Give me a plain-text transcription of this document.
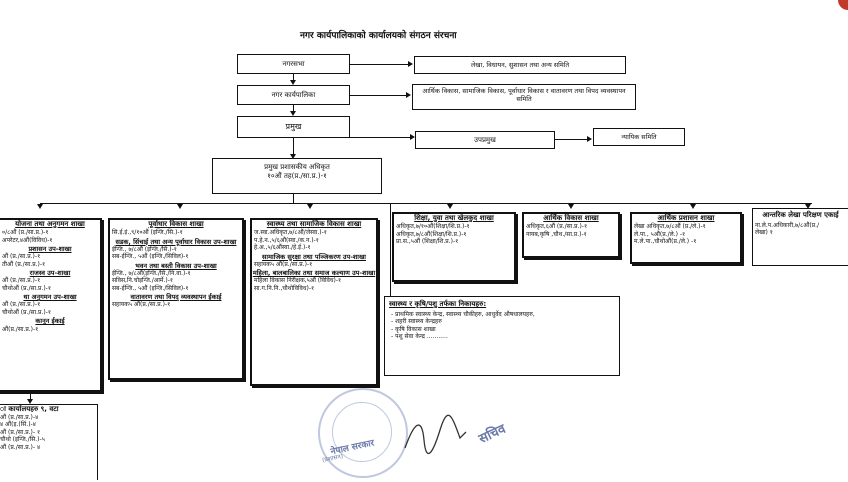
नगर कार्यपालिकाको कार्यालयको संगठन संरचना
नगरसभा	लेखा, विधायन, सुशासन तथा अन्य समिति
नगर कार्यपालिका	आर्थिक विकास, सामाजिक विकास, पूर्वाधार विकास र वातावरण तथा विपद व्यवस्थापन समिति
प्रमुख
उपप्रमुख	न्यायिक समिति
प्रमुख प्रशासकीय अधिकृत
१०औं तह(प्र./सा.प्र.)-१
योजना तथा अनुगमन शाखा
०/८औं (प्र./सा.प्र.)-१
अपरेटर,४औं(विविध)-१
प्रशासन उप-शाखा
औं (प्र./सा.प्र.)-१
तीऔं (प्र./सा.प्र.)-१
राजस्व उप-शाखा
औं (प्र./सा.प्र.)-१
चौथोऔं (प्र./सा.प्र.)-१
था अनुगमन उप-शाखा
औं (प्र./सा.प्र.)-१
चौथोऔं (प्र./सा.प्र.)-१
कानून ईकाई
औं(प्र./सा.प्र.)-१
ा कार्यालयहरु ९, वटा
औं (प्र./सा.प्र.)-४
४ औं(इ.(सिं.)-४
औं (प्र./सा.प्र.)- १
चौथो (इन्जि./सि.)-५
औं (प्र./सा.प्र.)- ४
पूर्वाधार विकास शाखा
सि.ई.इं.,९/१०औं (इन्जि./सि.)-१
सडक, सिंचाई तथा अन्य पूर्वाधार विकास उप-शाखा
ईन्जि., ७/८औं (इन्जि./सि.)-१
सब-ईन्जि., ५औं (इन्जि./सिविल)-१
भवन तथा बस्ती विकास उप-शाखा
ईन्जि., ७/८औं(इन्जि./सि./नि.वा.)-१
सविस,नि.चोइन्जि./आर्मे.)-१
सब-ईन्जि., ५औं (इन्जि./सिविल)-१
वातावरण तथा विपद् व्यवस्थापन ईकाई
सहायक५ औं(प्र./सा.प्र.)-१
स्वास्थ्य तथा सामाजिक विकास शाखा
ज.स्वा.अधिकृत,७/८औं/जेस्वा.)-१
प.हे.न.,५/६औं(स्वा./क.न.)-१
हे.अ.,५/६औंस्वा./हे.ई.)-१
सामाजिक सुरक्षा तथा पञ्जिकरण उप-शाखा
सहायक५ औं(प्र./सा.प्र.)-१
महिला, बालबालिका तथा समाज कल्याण उप-शाखा
महिला विकास निरीक्षक,५औं (विविध)-१
सा.ग.नि.नि.,चौथोविविध)-१
शिक्षा, युवा तथा खेलकुद शाखा
अधिकृत,७/१०औं(शिक्षा/शि.प्र.)-१
अधिकृत,७/८औं(शिक्षा/शि.प्र.)-१
प्रा.स.,५औं (शिक्षा/शि.प्र.)-१
आर्थिक विकास शाखा
अधिकृत,६औं (प्र./सा.प्र.)-१
नायब,कृषि ,चौथ./सा.प्र.)-१
आर्थिक प्रशासन शाखा
लेखा अधिकृत,७/८औं (प्र./ले.)-१
ले.पा., ५औं(प्र./ले.) -१
म.ले.पा.,चौथोऔं(प्र./ले.) -१
आन्तरिक लेखा परिक्षण एकाई
ना.ले.प.अधिकारी,७/८औं(प्र./
लेखा) १
स्वास्थ्य र कृषि/पशु तर्फका निकायहरु:
- प्राथमिक स्वास्थ्य केन्द्र, स्वास्थ्य चौकीहरु, आधुर्वेद औषधालयहरु,
- शहरी स्वास्थ्य केन्द्रहरु
- कृषि विकास शाखा
- पशु सेवा केन्द्र ...........
नेपाल सरकार
(प्रशासन)
सचिव
